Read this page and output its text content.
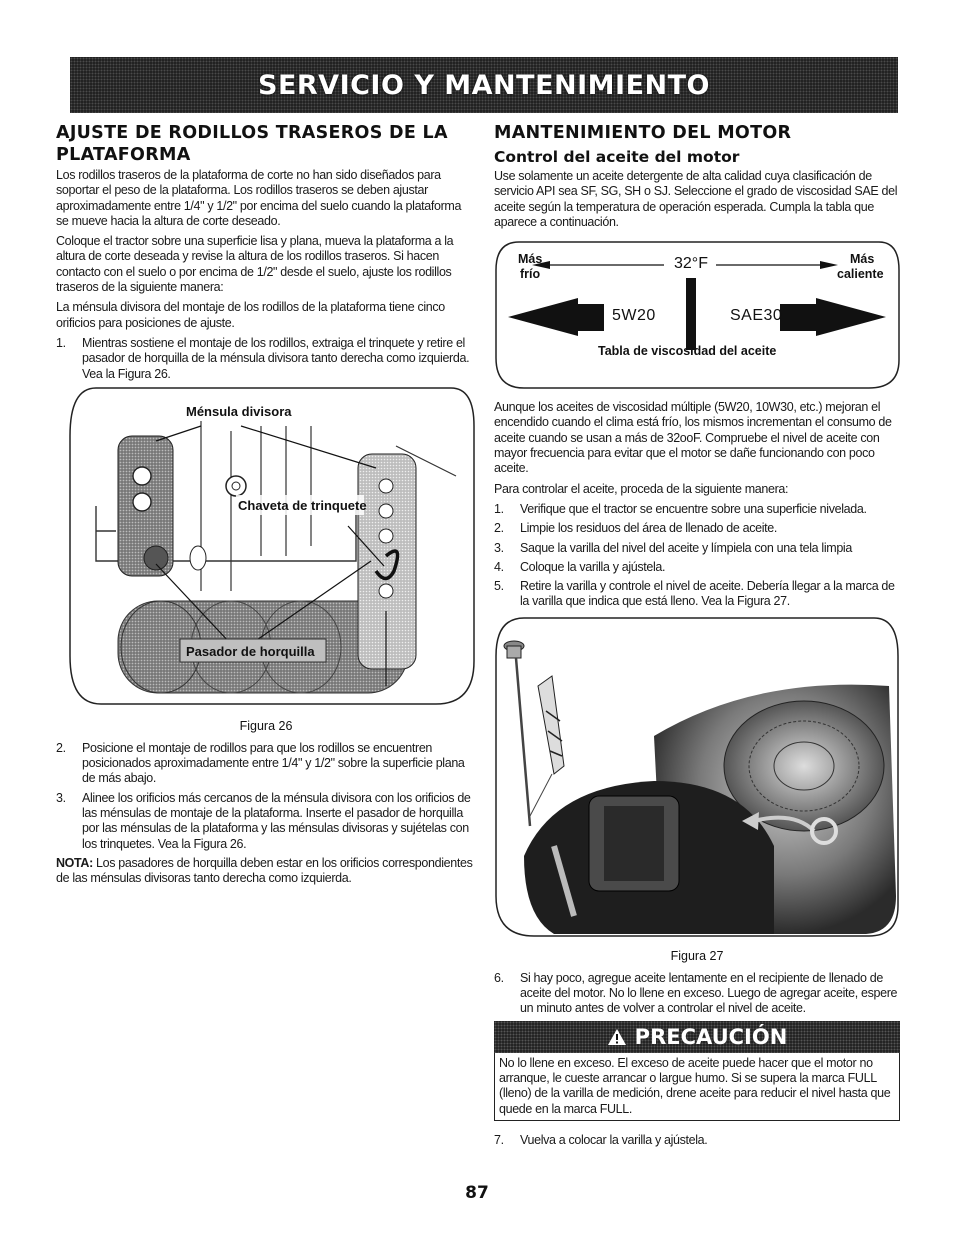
SERVICIO Y MANTENIMIENTO
AJUSTE DE RODILLOS TRASEROS DE LA
PLATAFORMA

Los rodillos traseros de la plataforma de corte no han sido diseñados para soportar el peso de la plataforma. Los rodillos traseros se deben ajustar aproximadamente entre 1/4" y 1/2" por encima del suelo cuando la plataforma se mueve hacia la altura de corte deseado.

Coloque el tractor sobre una superficie lisa y plana, mueva la plataforma a la altura de corte deseada y revise la altura de los rodillos traseros. Si hacen contacto con el suelo o por encima de 1/2" desde el suelo, ajuste los rodillos traseros de la siguiente manera:

La ménsula divisora del montaje de los rodillos de la plataforma tiene cinco orificios para posiciones de ajuste.

1.	Mientras sostiene el montaje de los rodillos, extraiga el trinquete y retire el pasador de horquilla de la ménsula divisora tanto derecha como izquierda. Vea la Figura 26.
Ménsula divisora
Chaveta de trinquete
Pasador de horquilla
Figura 26
2.	Posicione el montaje de rodillos para que los rodillos se encuentren posicionados aproximadamente entre 1/4" y 1/2" sobre la superficie plana de más abajo.
3.	Alinee los orificios más cercanos de la ménsula divisora con los orificios de las ménsulas de montaje de la plataforma. Inserte el pasador de horquilla por las ménsulas de la plataforma y las ménsulas divisoras y sujételas con los trinquetes. Vea la Figura 26.

NOTA: Los pasadores de horquilla deben estar en los orificios correspondientes de las ménsulas divisoras tanto derecha como izquierda.

MANTENIMIENTO DEL MOTOR
Control del aceite del motor

Use solamente un aceite detergente de alta calidad cuya clasificación de servicio API sea SF, SG, SH o SJ. Seleccione el grado de viscosidad SAE del aceite según la temperatura de operación esperada. Cumpla la tabla que aparece a continuación.

Más
frío
32°F	Más
caliente
5W20	SAE30
Tabla de viscosidad del aceite

Aunque los aceites de viscosidad múltiple (5W20, 10W30, etc.) mejoran el encendido cuando el clima está frío, los mismos incrementan el consumo de aceite cuando se usan a más de 32ooF. Compruebe el nivel de aceite con mayor frecuencia para evitar que el motor se dañe funcionando con poco aceite.

Para controlar el aceite, proceda de la siguiente manera:

1.	Verifique que el tractor se encuentre sobre una superficie nivelada.
2.	Limpie los residuos del área de llenado de aceite.
3.	Saque la varilla del nivel del aceite y límpiela con una tela limpia
4.	Coloque la varilla y ajústela.
5.	Retire la varilla y controle el nivel de aceite. Debería llegar a la marca de la varilla que indica que está lleno. Vea la Figura 27.
Figura 27
6.	Si hay poco, agregue aceite lentamente en el recipiente de llenado de aceite del motor. No lo llene en exceso. Luego de agregar aceite, espere un minuto antes de volver a controlar el nivel de aceite.
PRECAUCIÓN

No lo llene en exceso. El exceso de aceite puede hacer que el motor no arranque, le cueste arrancar o largue humo. Si se supera la marca FULL (lleno) de la varilla de medición, drene aceite para reducir el nivel hasta que quede en la marca FULL.

7.	Vuelva a colocar la varilla y ajústela.
87
